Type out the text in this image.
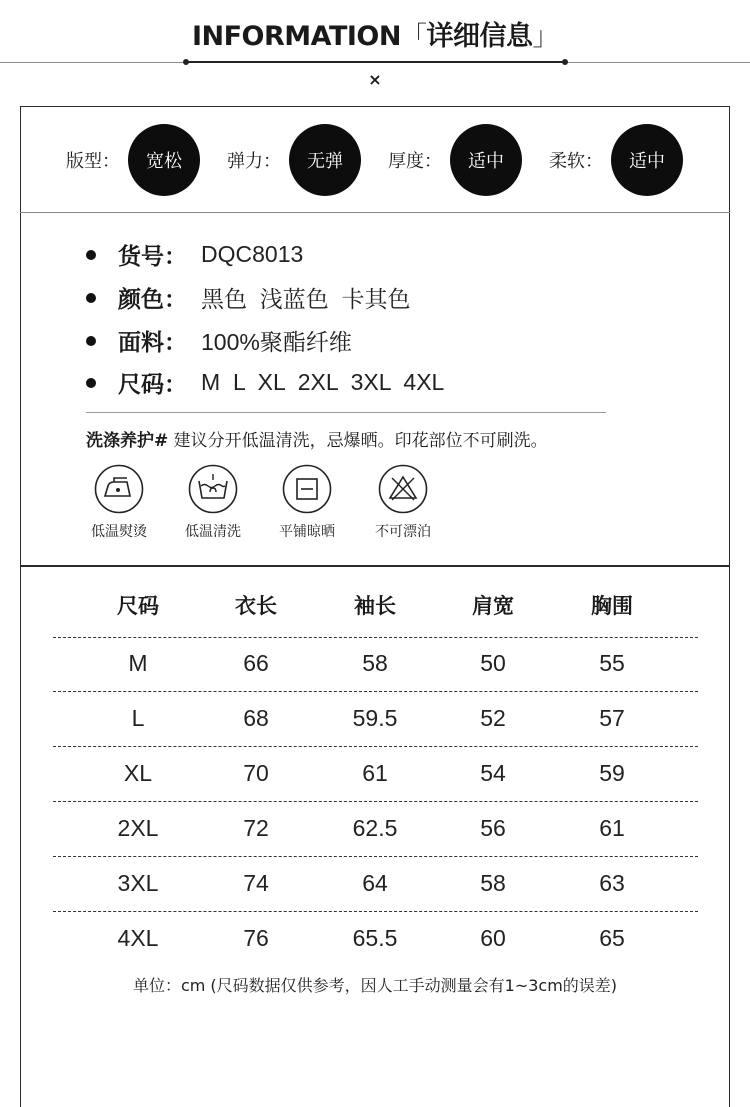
INFORMATION「详细信息」
×
版型：	宽松	弹力：	无弹	厚度：	适中	柔软：	适中
货号 ： DQC8013
颜色 ： 黑色  浅蓝色  卡其色
面料 ： 100%聚酯纤维
尺码 ： M  L  XL  2XL  3XL  4XL
洗涤养护# 建议分开低温清洗，忌爆晒。印花部位不可刷洗。
低温熨烫	低温清洗	平铺晾晒	不可漂泊
尺码	衣长	袖长	肩宽	胸围
M	66	58	50	55
L	68	59.5	52	57
XL	70	61	54	59
2XL	72	62.5	56	61
3XL	74	64	58	63
4XL	76	65.5	60	65
单位：cm (尺码数据仅供参考，因人工手动测量会有1~3cm的误差)
